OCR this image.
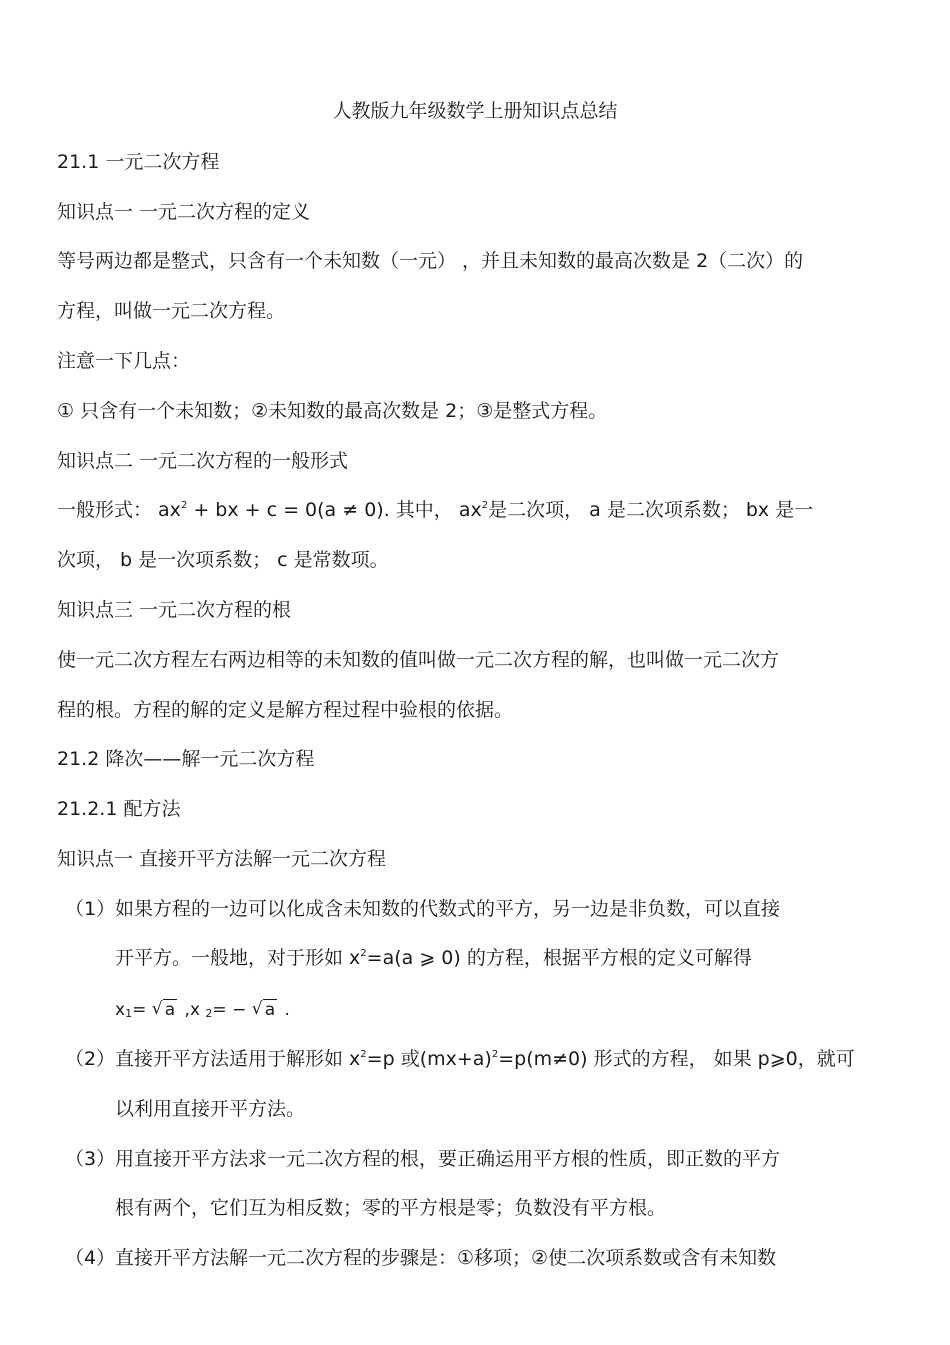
人教版九年级数学上册知识点总结
21.1 一元二次方程
知识点一 一元二次方程的定义
等号两边都是整式，只含有一个未知数（一元） ，并且未知数的最高次数是 2（二次）的
方程，叫做一元二次方程。
注意一下几点：
① 只含有一个未知数；②未知数的最高次数是 2；③是整式方程。
知识点二 一元二次方程的一般形式
一般形式： $ax^2$ + bx + c = 0(a ≠ 0). 其中， $ax^2$是二次项， a 是二次项系数； bx 是一
次项， b 是一次项系数； c 是常数项。
知识点三 一元二次方程的根
使一元二次方程左右两边相等的未知数的值叫做一元二次方程的解，也叫做一元二次方
程的根。方程的解的定义是解方程过程中验根的依据。
21.2 降次——解一元二次方程
21.2.1 配方法
知识点一 直接开平方法解一元二次方程
（1） 如果方程的一边可以化成含未知数的代数式的平方，另一边是非负数，可以直接
开平方。一般地，对于形如 $x^2=a(a$ ⩾ 0) 的方程，根据平方根的定义可解得
$x_1=$ √ a ,x $_2$= − √ a .
（2） 直接开平方法适用于解形如 $x^2=p$ 或$(mx+a)^2=p(m\ne 0)$ 形式的方程， 如果 p⩾0，就可
以利用直接开平方法。
（3） 用直接开平方法求一元二次方程的根，要正确运用平方根的性质，即正数的平方
根有两个，它们互为相反数；零的平方根是零；负数没有平方根。
（4） 直接开平方法解一元二次方程的步骤是：①移项；②使二次项系数或含有未知数
